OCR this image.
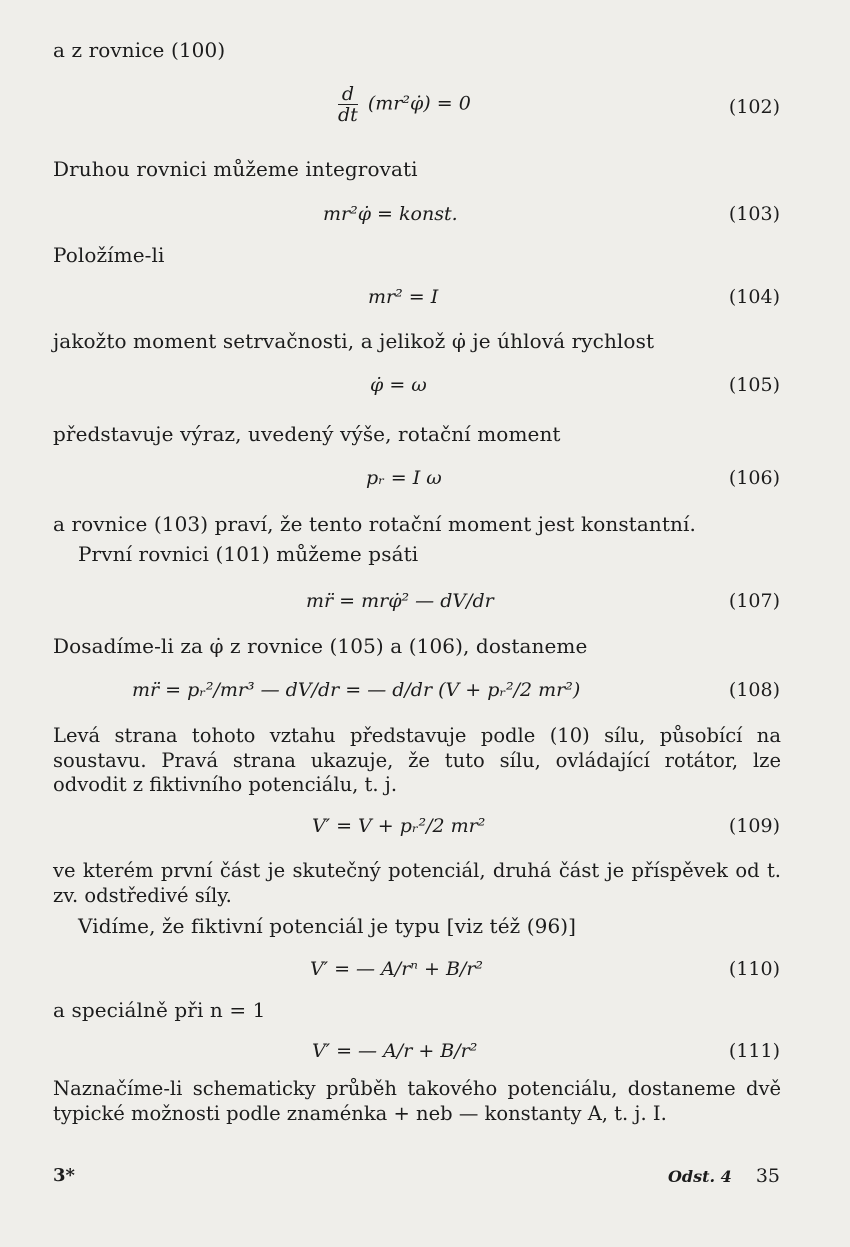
a z rovnice (100)
$\frac{d}{dt}$ (mr²φ̇) = 0	(102)
Druhou rovnici můžeme integrovati
mr²φ̇ = konst.	(103)
Položíme-li
mr² = I	(104)
jakožto moment setrvačnosti, a jelikož φ̇ je úhlová rychlost
φ̇ = ω	(105)
představuje výraz, uvedený výše, rotační moment
pᵣ = I ω	(106)
a rovnice (103) praví, že tento rotační moment jest konstantní.
První rovnici (101) můžeme psáti
mr̈ = mrφ̇² — dV/dr	(107)
Dosadíme-li za φ̇ z rovnice (105) a (106), dostaneme
mr̈ = pᵣ²/mr³ — dV/dr = — d/dr (V + pᵣ²/2 mr²)	(108)
Levá strana tohoto vztahu představuje podle (10) sílu, působící na soustavu. Pravá strana ukazuje, že tuto sílu, ovládající rotátor, lze odvodit z fiktivního potenciálu, t. j.
V′ = V + pᵣ²/2 mr²	(109)
ve kterém první část je skutečný potenciál, druhá část je příspěvek od t. zv. odstředivé síly.
Vidíme, že fiktivní potenciál je typu [viz též (96)]
V′ = — A/rⁿ + B/r²	(110)
a speciálně při n = 1
V′ = — A/r + B/r²	(111)
Naznačíme-li schematicky průběh takového potenciálu, dostaneme dvě typické možnosti podle znaménka + neb — konstanty A, t. j. I.
3*	Odst. 4 35
